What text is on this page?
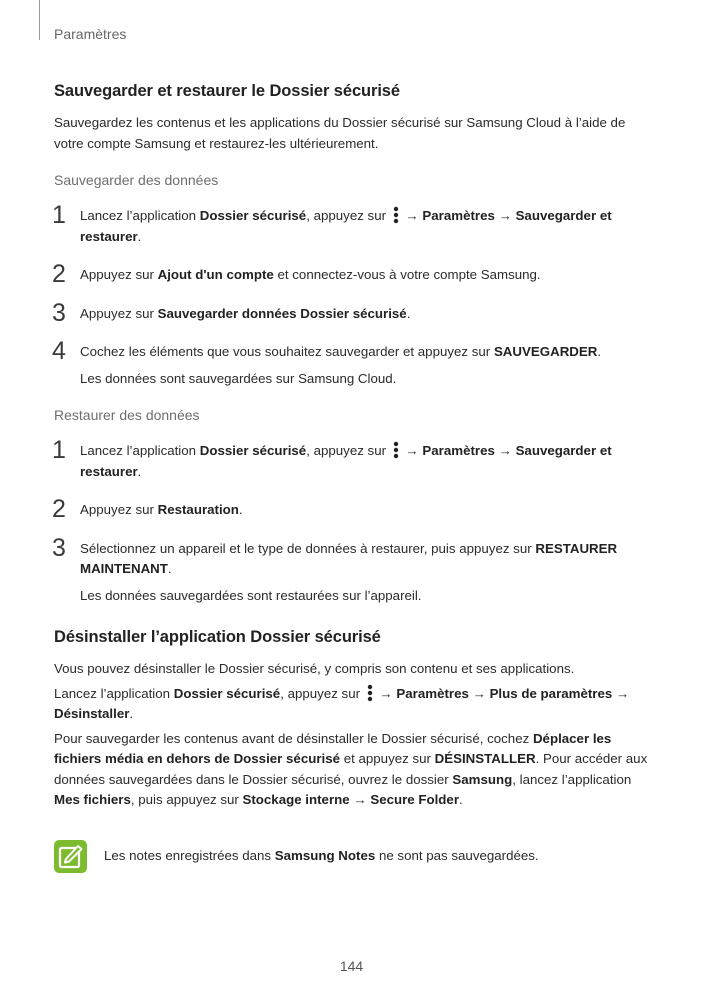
Paramètres
Sauvegarder et restaurer le Dossier sécurisé

Sauvegardez les contenus et les applications du Dossier sécurisé sur Samsung Cloud à l’aide de votre compte Samsung et restaurez-les ultérieurement.

Sauvegarder des données
1 Lancez l’application Dossier sécurisé, appuyez sur
→ Paramètres → Sauvegarder et restaurer.
2 Appuyez sur Ajout d'un compte et connectez-vous à votre compte Samsung.
3 Appuyez sur Sauvegarder données Dossier sécurisé.
4 Cochez les éléments que vous souhaitez sauvegarder et appuyez sur SAUVEGARDER.
Les données sont sauvegardées sur Samsung Cloud.
Restaurer des données
1 Lancez l’application Dossier sécurisé, appuyez sur
→ Paramètres → Sauvegarder et restaurer.
2 Appuyez sur Restauration.
3 Sélectionnez un appareil et le type de données à restaurer, puis appuyez sur RESTAURER MAINTENANT.
Les données sauvegardées sont restaurées sur l’appareil.
Désinstaller l’application Dossier sécurisé

Vous pouvez désinstaller le Dossier sécurisé, y compris son contenu et ses applications.

Lancez l’application Dossier sécurisé, appuyez sur
→ Paramètres → Plus de paramètres → Désinstaller.

Pour sauvegarder les contenus avant de désinstaller le Dossier sécurisé, cochez Déplacer les fichiers média en dehors de Dossier sécurisé et appuyez sur DÉSINSTALLER. Pour accéder aux données sauvegardées dans le Dossier sécurisé, ouvrez le dossier Samsung, lancez l’application Mes fichiers, puis appuyez sur Stockage interne → Secure Folder.

Les notes enregistrées dans Samsung Notes ne sont pas sauvegardées.
144
